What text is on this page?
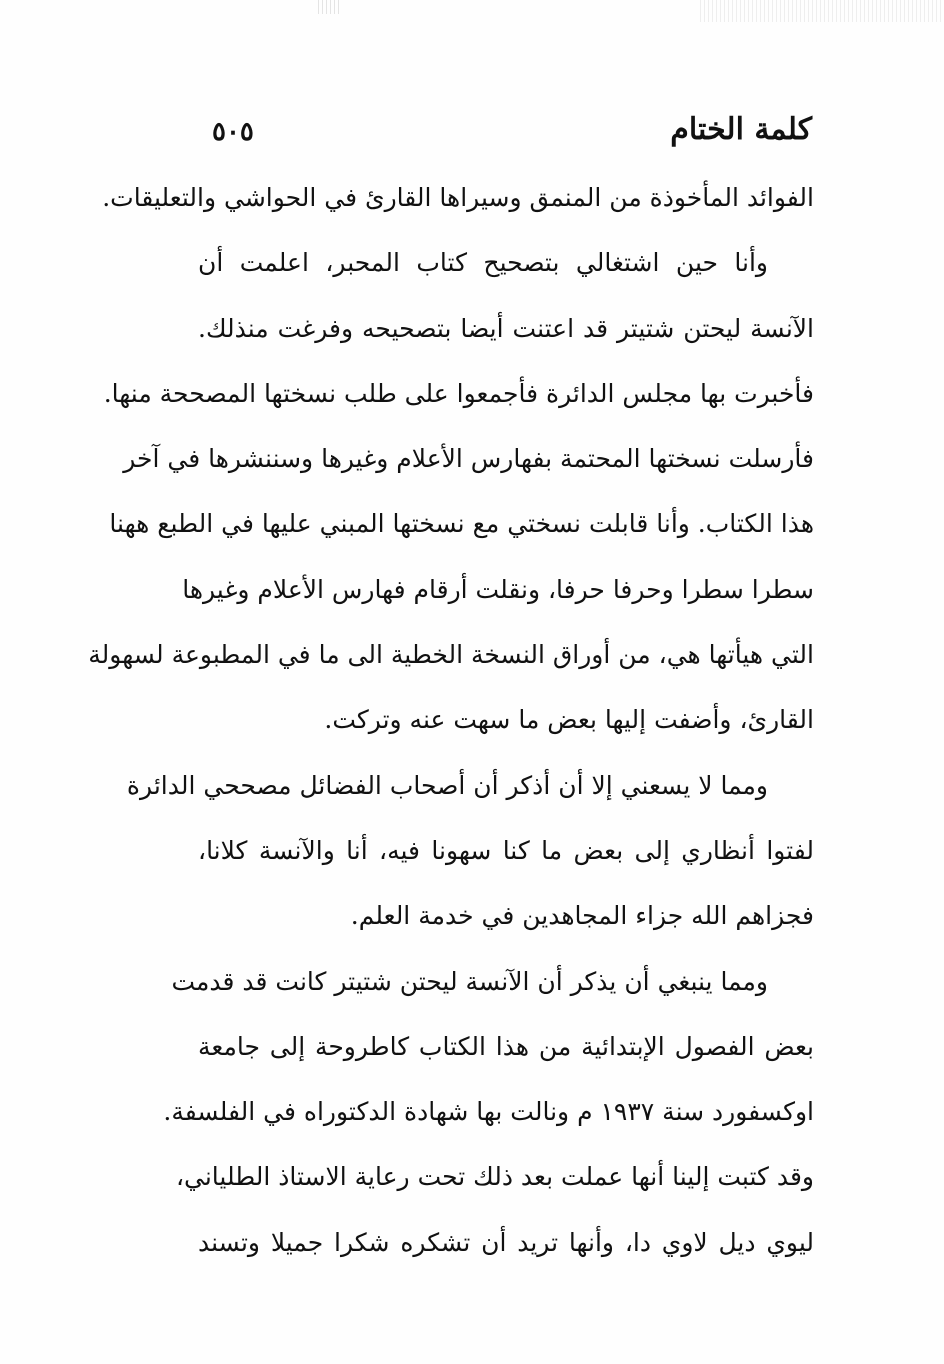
كلمة الختام
٥٠٥
الفوائد المأخوذة من المنمق وسيراها القارئ في الحواشي والتعليقات.
وأنا حين اشتغالي بتصحيح كتاب المحبر، اعلمت أن
الآنسة ليحتن شتيتر قد اعتنت أيضا بتصحيحه وفرغت منذلك.
فأخبرت بها مجلس الدائرة فأجمعوا على طلب نسختها المصححة منها.
فأرسلت نسختها المحتمة بفهارس الأعلام وغيرها وسننشرها في آخر
هذا الكتاب. وأنا قابلت نسختي مع نسختها المبني عليها في الطبع ههنا
سطرا سطرا وحرفا حرفا، ونقلت أرقام فهارس الأعلام وغيرها
التي هيأتها هي، من أوراق النسخة الخطية الى ما في المطبوعة لسهولة
القارئ، وأضفت إليها بعض ما سهت عنه وتركت.
ومما لا يسعني إلا أن أذكر أن أصحاب الفضائل مصححي الدائرة
لفتوا أنظاري إلى بعض ما كنا سهونا فيه، أنا والآنسة كلانا،
فجزاهم الله جزاء المجاهدين في خدمة العلم.
ومما ينبغي أن يذكر أن الآنسة ليحتن شتيتر كانت قد قدمت
بعض الفصول الإبتدائية من هذا الكتاب كاطروحة إلى جامعة
اوكسفورد سنة ١٩٣٧ م ونالت بها شهادة الدكتوراه في الفلسفة.
وقد كتبت إلينا أنها عملت بعد ذلك تحت رعاية الاستاذ الطلياني،
ليوي ديل لاوي دا، وأنها تريد أن تشكره شكرا جميلا وتسند
